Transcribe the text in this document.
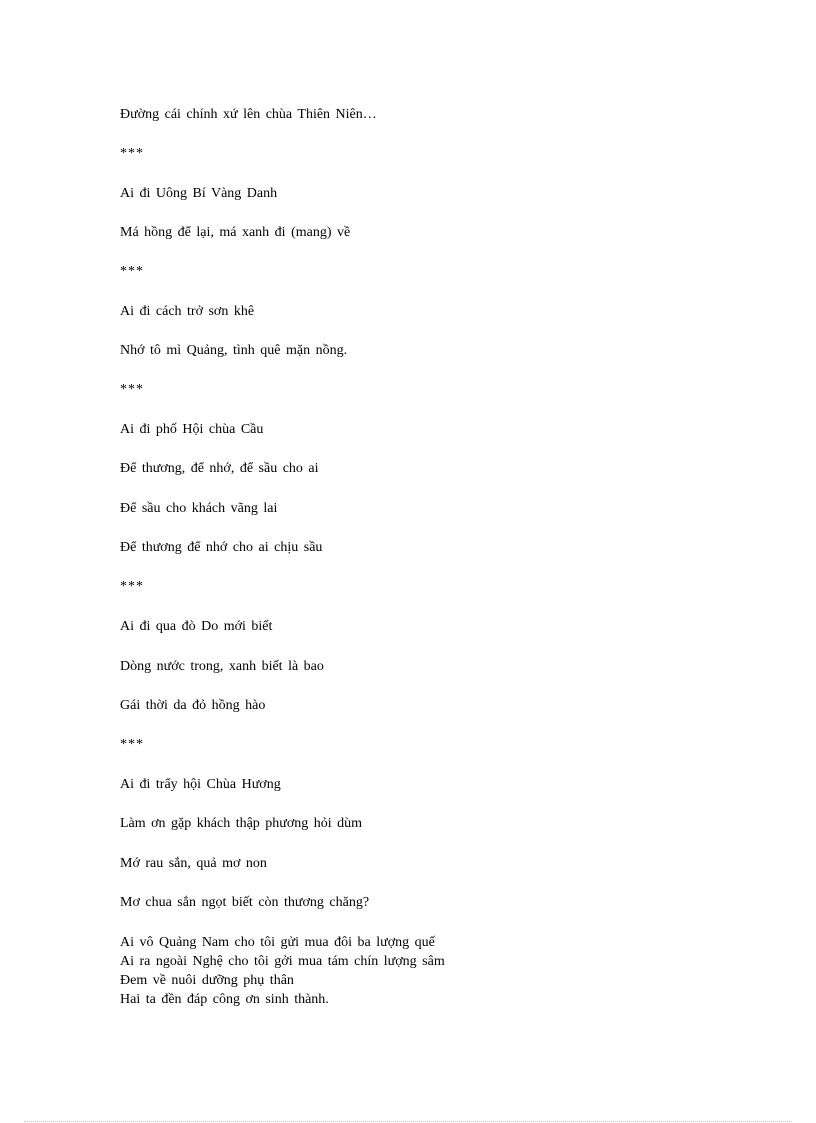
Đường cái chính xứ lên chùa Thiên Niên…
***
Ai đi Uông Bí Vàng Danh
Má hồng để lại, má xanh đi (mang) về
***
Ai đi cách trở sơn khê
Nhớ tô mì Quảng, tình quê mặn nồng.
***
Ai đi phố Hội chùa Cầu
Để thương, để nhớ, để sầu cho ai
Để sầu cho khách vãng lai
Để thương để nhớ cho ai chịu sầu
***
Ai đi qua đò Do mới biết
Dòng nước trong, xanh biết là bao
Gái thời da đỏ hồng hào
***
Ai đi trẩy hội Chùa Hương
Làm ơn gặp khách thập phương hỏi dùm
Mớ rau sắn, quả mơ non
Mơ chua sắn ngọt biết còn thương chăng?
Ai vô Quảng Nam cho tôi gửi mua đôi ba lượng quế
Ai ra ngoài Nghệ cho tôi gởi mua tám chín lượng sâm
Đem về nuôi dưỡng phụ thân
Hai ta đền đáp công ơn sinh thành.
